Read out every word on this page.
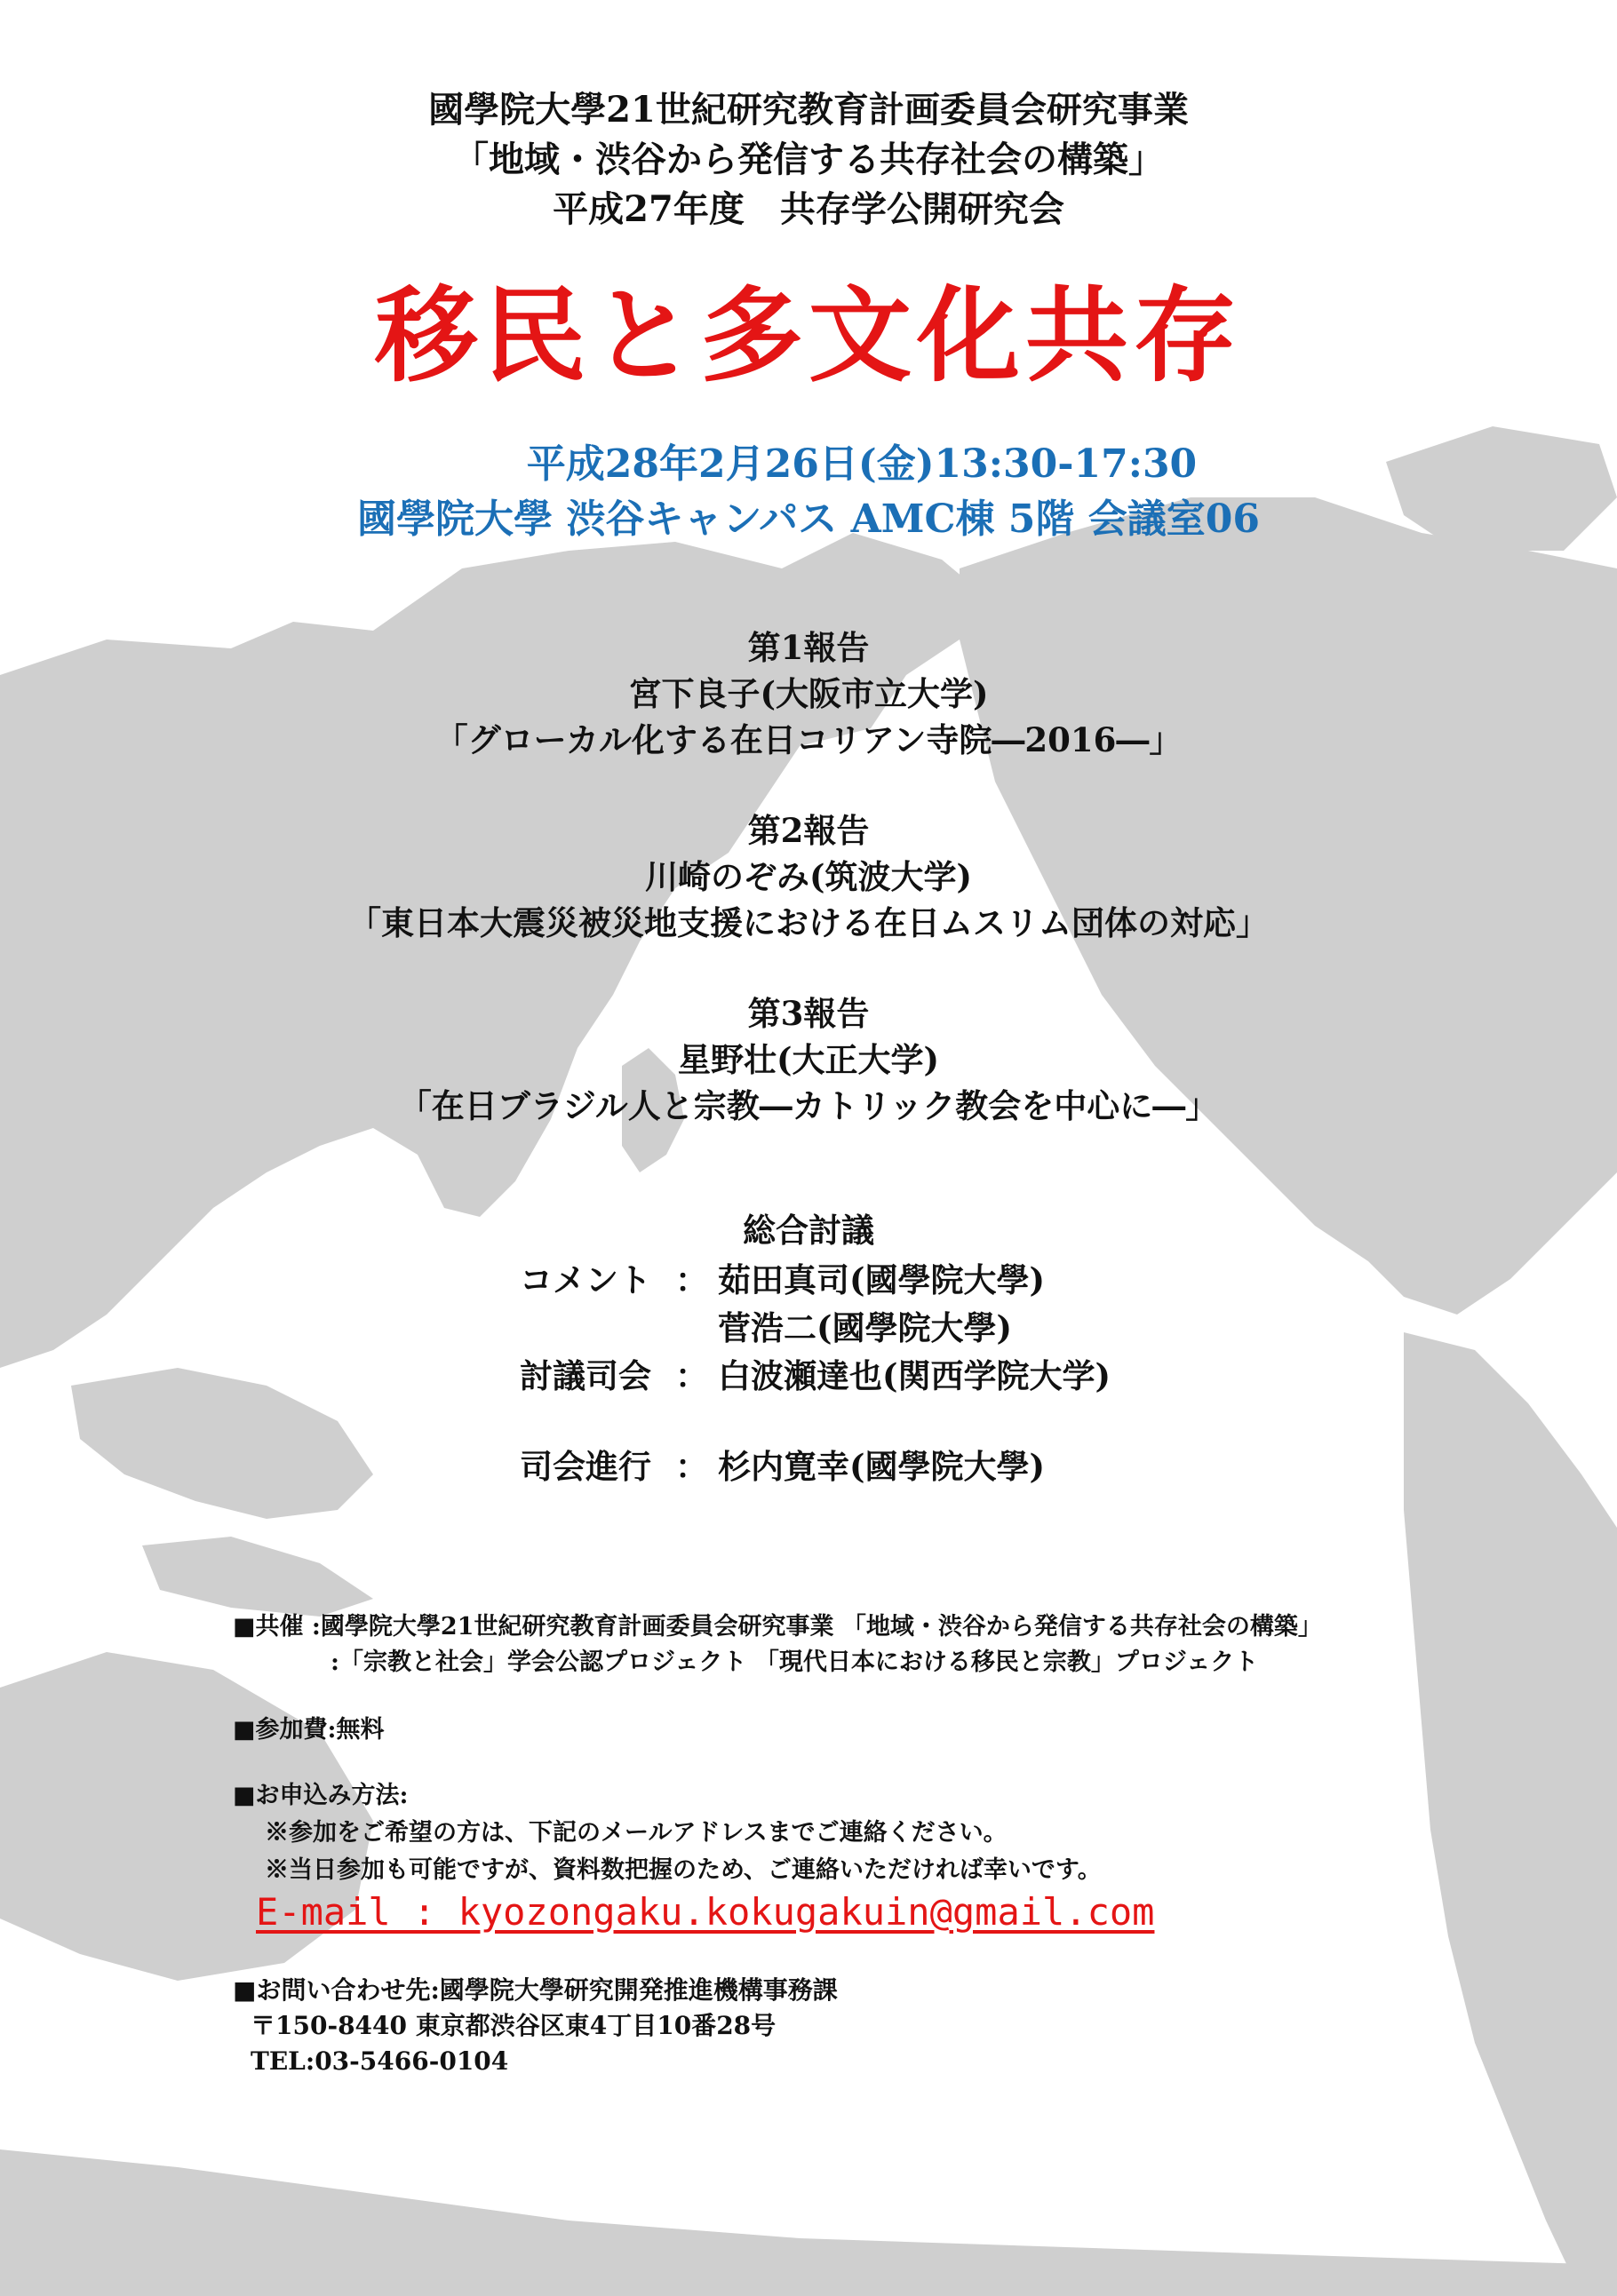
國學院大學21世紀研究教育計画委員会研究事業
「地域・渋谷から発信する共存社会の構築」
平成27年度　共存学公開研究会
移民と多文化共存
平成28年2月26日(金)13:30-17:30
國學院大學 渋谷キャンパス AMC棟 5階 会議室06
第1報告
宮下良子(大阪市立大学)
「グローカル化する在日コリアン寺院―2016―」
第2報告
川崎のぞみ(筑波大学)
「東日本大震災被災地支援における在日ムスリム団体の対応」
第3報告
星野壮(大正大学)
「在日ブラジル人と宗教―カトリック教会を中心に―」
総合討議
コメント ： 茹田真司(國學院大學)
菅浩二(國學院大學)
討議司会 ： 白波瀬達也(関西学院大学)
司会進行 ： 杉内寛幸(國學院大學)
■共催 :國學院大學21世紀研究教育計画委員会研究事業 「地域・渋谷から発信する共存社会の構築」
:「宗教と社会」学会公認プロジェクト 「現代日本における移民と宗教」プロジェクト
■参加費:無料
■お申込み方法:
※参加をご希望の方は、下記のメールアドレスまでご連絡ください。
※当日参加も可能ですが、資料数把握のため、ご連絡いただければ幸いです。
E-mail : kyozongaku.kokugakuin@gmail.com
■お問い合わせ先:國學院大學研究開発推進機構事務課
〒150-8440 東京都渋谷区東4丁目10番28号
TEL:03-5466-0104
